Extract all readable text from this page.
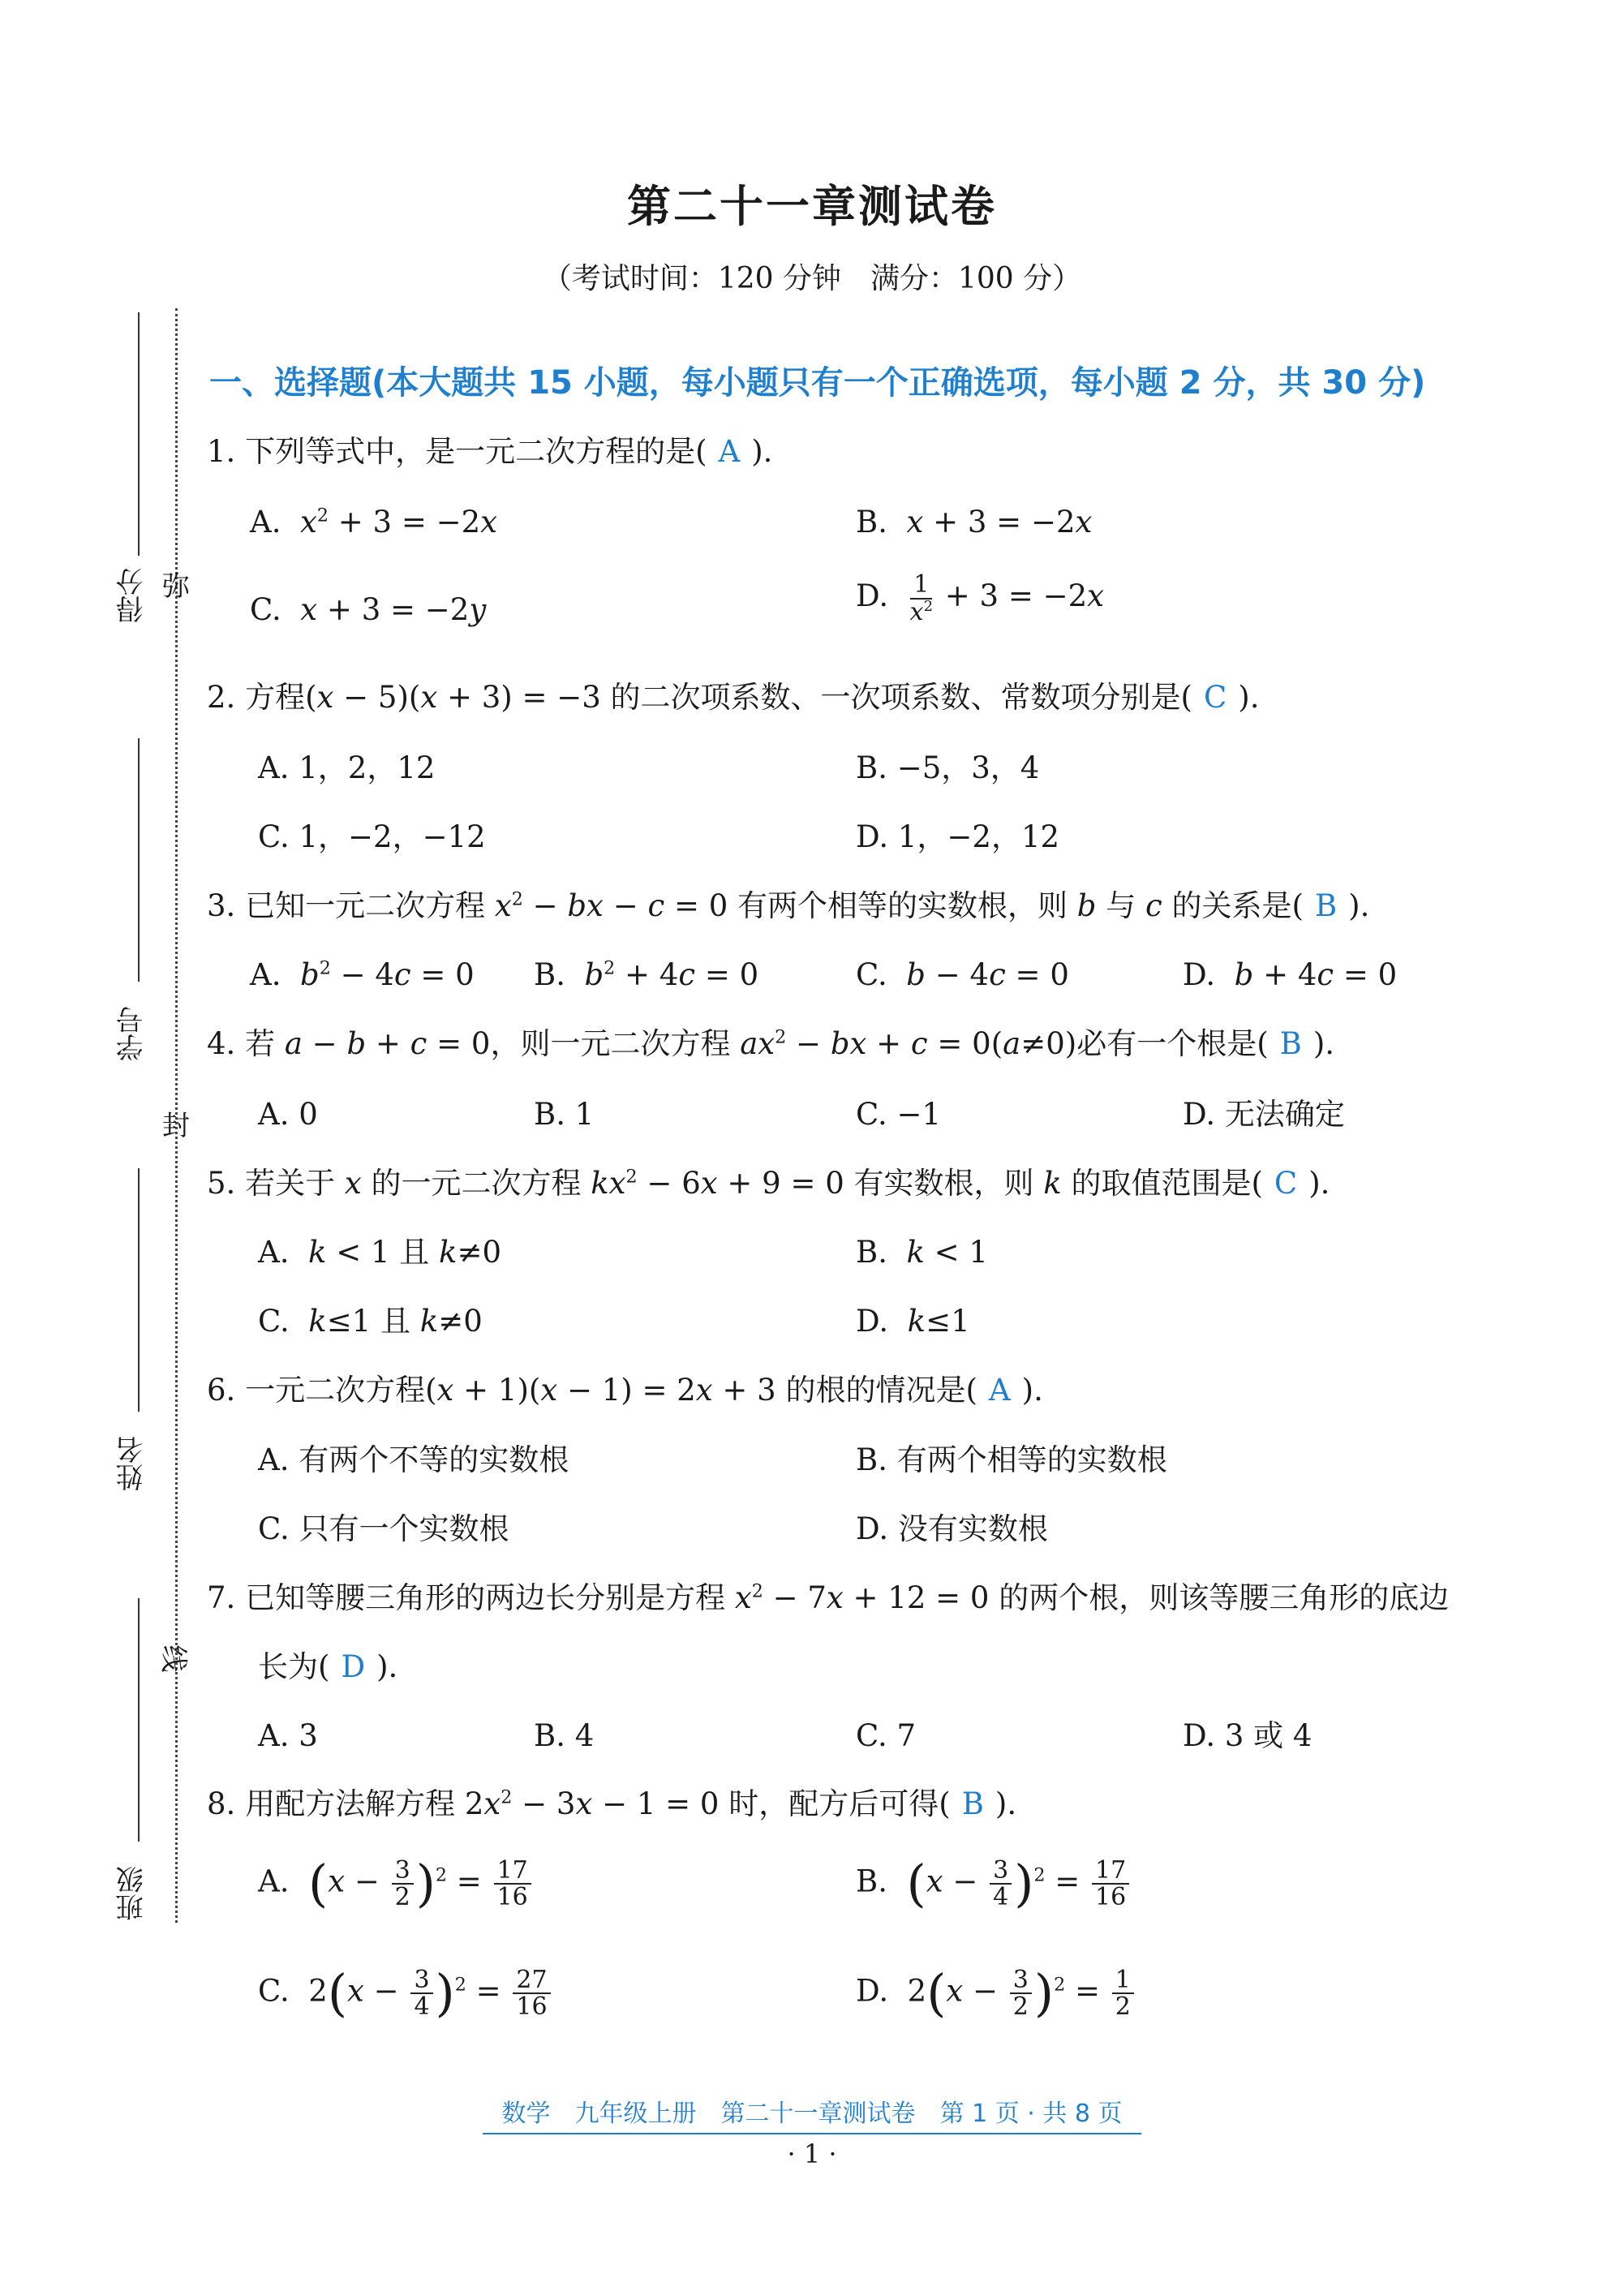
第二十一章测试卷
（考试时间：120 分钟　满分：100 分）
得分
学号
姓名
班级
弥
封
线
一、选择题(本大题共 15 小题，每小题只有一个正确选项，每小题 2 分，共 30 分)
1. 下列等式中，是一元二次方程的是( A ).
A. $x^2 + 3 = -2x$	B. x + 3 = −2x
C. x + 3 = −2y	D. $\frac{1}{x^2} + 3 = -2x$
2. 方程(x − 5)(x + 3) = −3 的二次项系数、一次项系数、常数项分别是( C ).
A. 1，2，12	B. −5，3，4
C. 1，−2，−12	D. 1，−2，12
3. 已知一元二次方程 $x^2$ − bx − c = 0 有两个相等的实数根，则 b 与 c 的关系是( B ).
A. $b^2 - 4c = 0$ B. $b^2 + 4c = 0$	C. b − 4c = 0	D. b + 4c = 0
4. 若 a − b + c = 0，则一元二次方程 $ax^2$ − bx + c = 0(a≠0)必有一个根是( B ).
A. 0	B. 1	C. −1	D. 无法确定
5. 若关于 x 的一元二次方程 $kx^2 - 6x + 9 = 0$ 有实数根，则 k 的取值范围是( C ).
A. k < 1 且 k≠0	B. k < 1
C. k≤1 且 k≠0	D. k≤1
6. 一元二次方程(x + 1)(x − 1) = 2x + 3 的根的情况是( A ).
A. 有两个不等的实数根	B. 有两个相等的实数根
C. 只有一个实数根	D. 没有实数根
7. 已知等腰三角形的两边长分别是方程 $x^2 - 7x + 12 = 0$ 的两个根，则该等腰三角形的底边
长为( D ).
A. 3	B. 4	C. 7	D. 3 或 4
8. 用配方法解方程 $2x^2 - 3x - 1 = 0$ 时，配方后可得( B ).
A. $(x - \frac{3}{2} )^2 = \frac{17}{16}$	B. $(x - \frac{3}{4} )^2 = \frac{17}{16}$
C.  $2(x - \frac{3}{4} )^2 = \frac{27}{16}$	D.  $2(x - \frac{3}{2} )^2 = \frac{1}{2}$
数学　九年级上册　第二十一章测试卷　第 1 页 · 共 8 页
· 1 ·
